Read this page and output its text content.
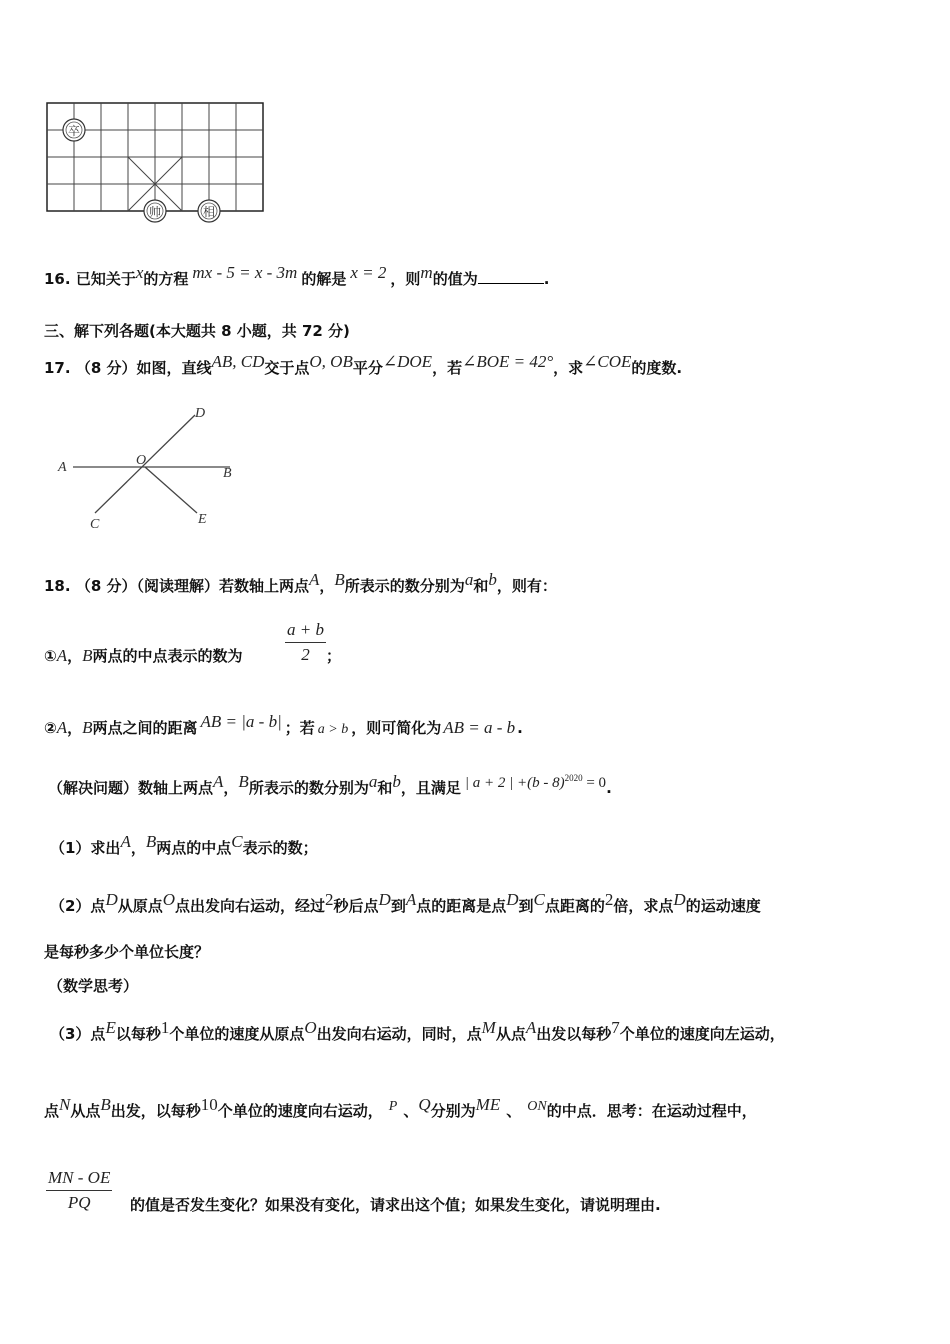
卒
帅	相
16. 已知关于$^x$的方程 $^{mx - 5 = x - 3m}$ 的解是 $^{x = 2}$ ，则$^m$的值为	.
三、解下列各题(本大题共 8 小题，共 72 分)
17. （8 分）如图，直线$^{AB, CD}$交于点$^{O, OB}$平分$^{\angle DOE}$，若$^{\angle BOE = 42^\circ}$，求$^{\angle COE}$的度数.
A	B
C
D
E
O
18. （8 分）（阅读理解）若数轴上两点$^A$，$^B$所表示的数分别为$^a$和$^b$，则有：
①A，B两点的中点表示的数为
a + b
2	；
②A，B两点之间的距离 $^{AB = |a - b|}$ ；若 a > b ，则可简化为 AB = a - b .
（解决问题）数轴上两点$^A$，$^B$所表示的数分别为$^a$和$^b$，且满足 $^{| a + 2 | +(b - 8)2020}$ $^{= 0}$.
（1）求出$^A$，$^B$两点的中点$^C$表示的数；
（2）点$^D$从原点$^O$点出发向右运动，经过$^2$秒后点$^D$到$^A$点的距离是点$^D$到$^C$点距离的$^2$倍，求点$^D$的运动速度
是每秒多少个单位长度？
（数学思考）
（3）点$^E$以每秒$^1$个单位的速度从原点$^O$出发向右运动，同时，点$^M$从点$^A$出发以每秒$^7$个单位的速度向左运动，
点$^N$从点$^B$出发，以每秒$^{10}$个单位的速度向右运动， $^P$ 、$^Q$分别为$^{ME}$ 、 $^{ON}$的中点．思考：在运动过程中，
MN - OE
PQ	的值是否发生变化？如果没有变化，请求出这个值；如果发生变化，请说明理由.
